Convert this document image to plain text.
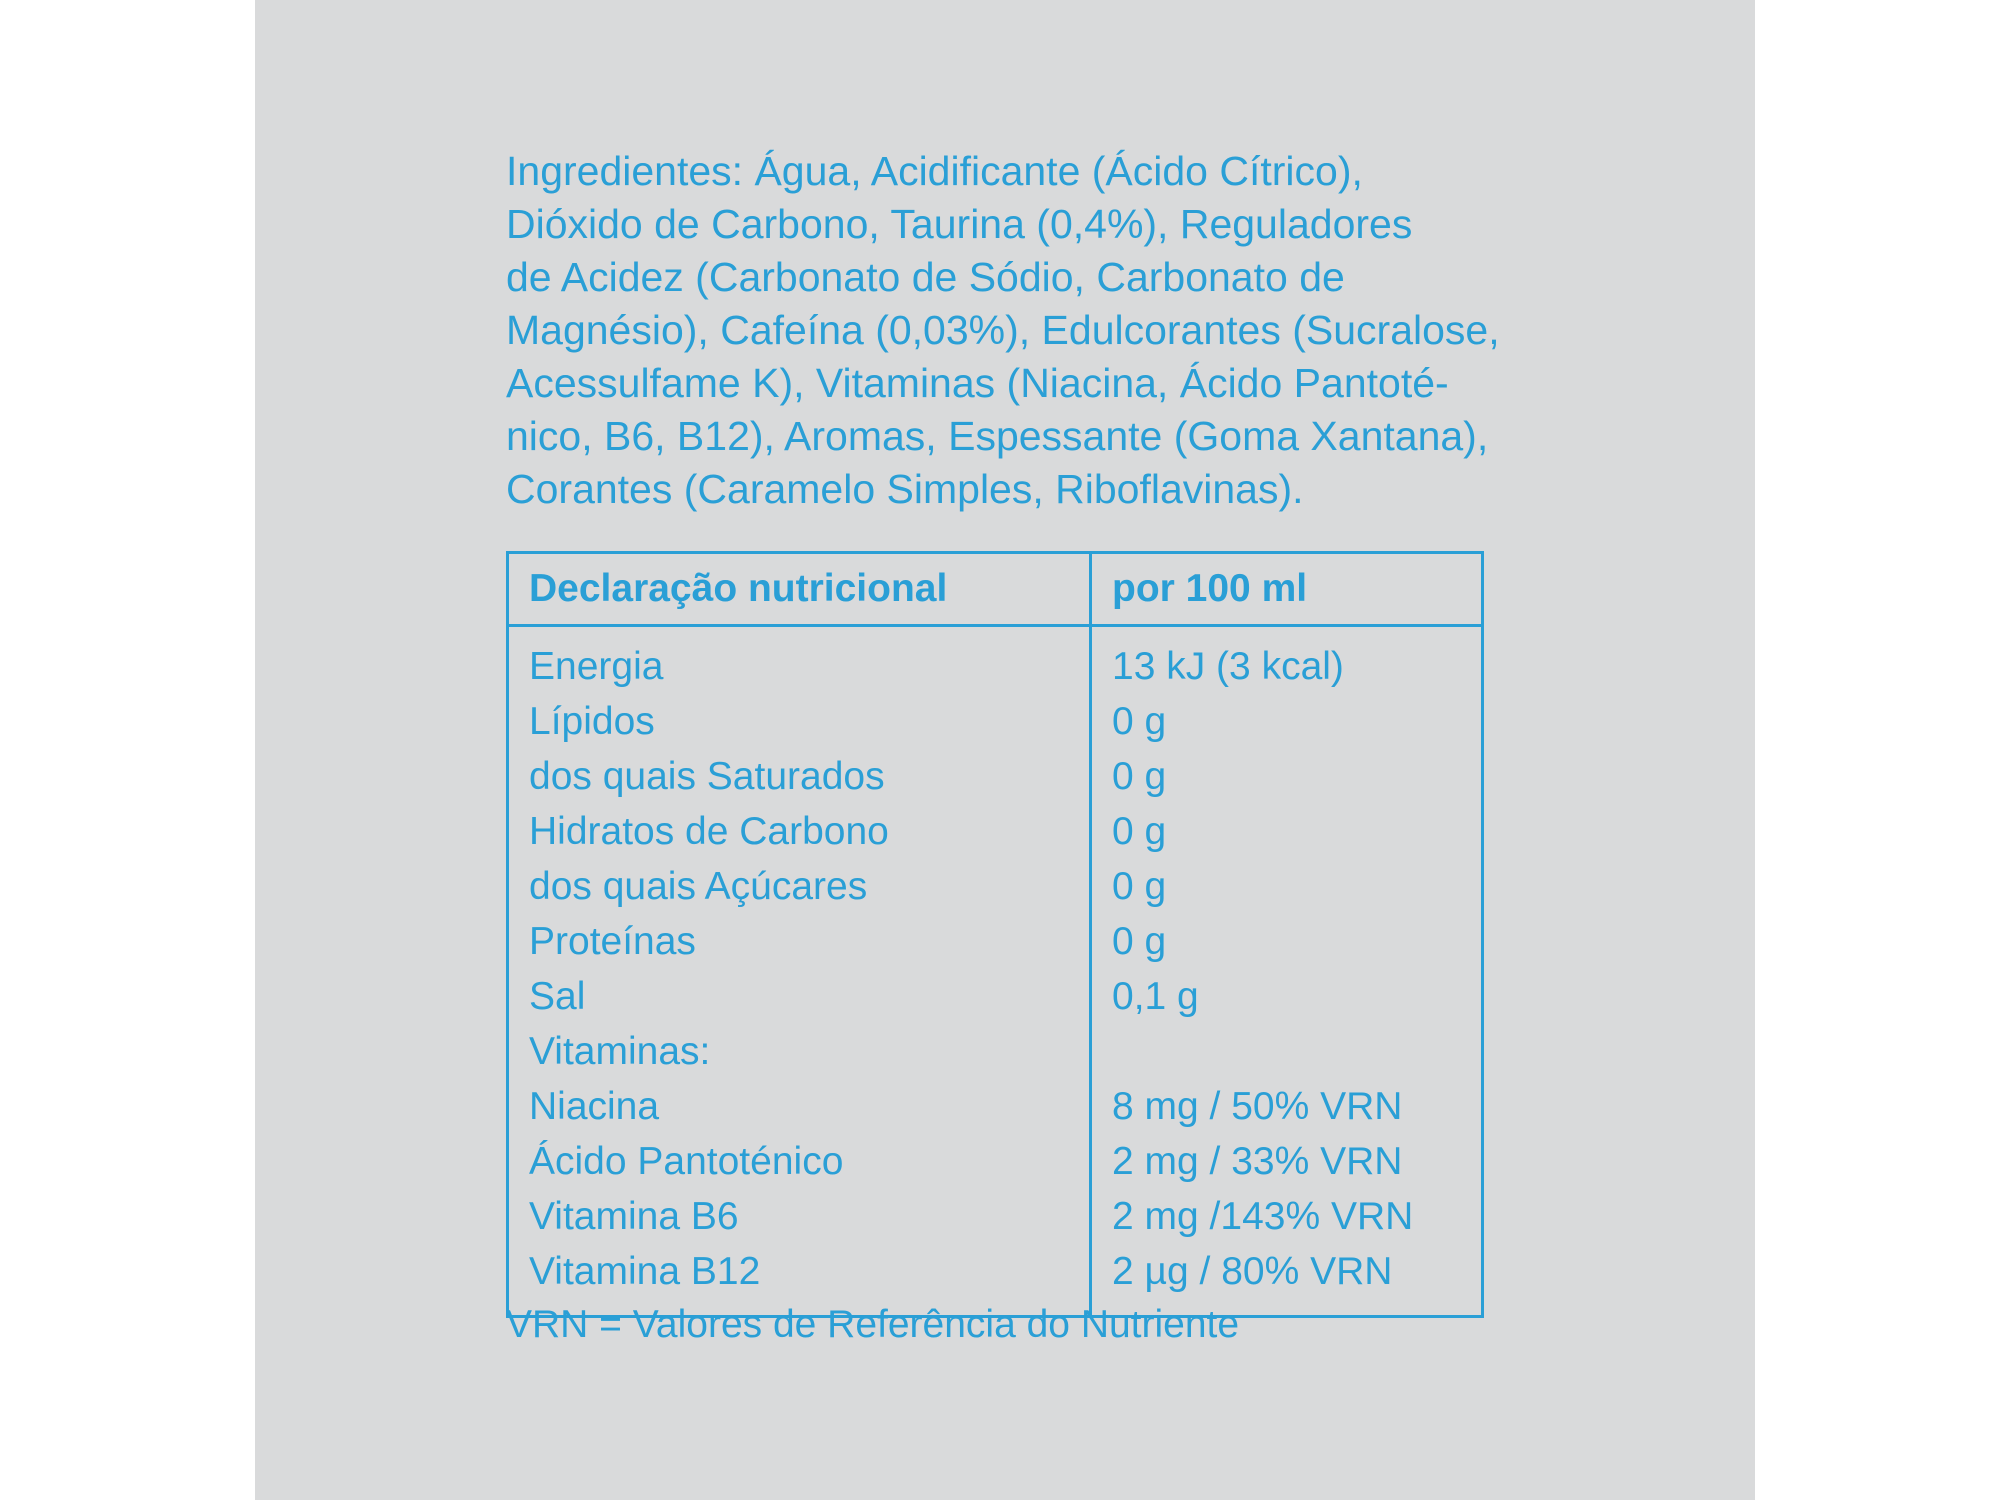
Ingredientes: Água, Acidificante (Ácido Cítrico),
Dióxido de Carbono, Taurina (0,4%), Reguladores
de Acidez (Carbonato de Sódio, Carbonato de
Magnésio), Cafeína (0,03%), Edulcorantes (Sucralose,
Acessulfame K), Vitaminas (Niacina, Ácido Pantoté-
nico, B6, B12), Aromas, Espessante (Goma Xantana),
Corantes (Caramelo Simples, Riboflavinas).

Declaração nutricional	por 100 ml
Energia	13 kJ (3 kcal)
Lípidos	0 g
dos quais Saturados	0 g
Hidratos de Carbono	0 g
dos quais Açúcares	0 g
Proteínas	0 g
Sal	0,1 g
Vitaminas:	
Niacina	8 mg / 50% VRN
Ácido Pantoténico	2 mg / 33% VRN
Vitamina B6	2 mg /143% VRN
Vitamina B12	2 µg / 80% VRN

VRN = Valores de Referência do Nutriente
